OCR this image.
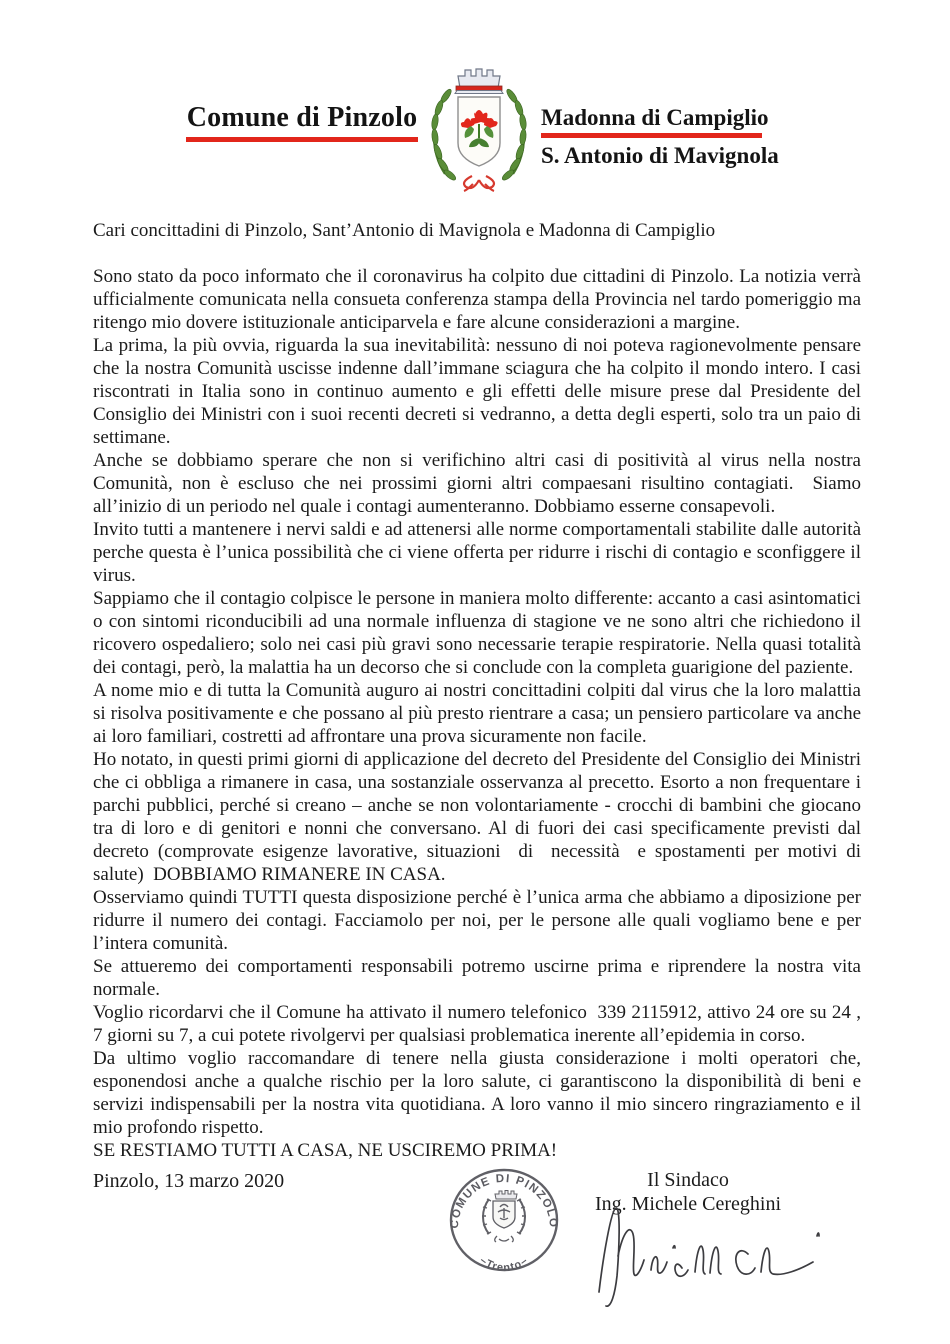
Comune di Pinzolo	Madonna di Campiglio
S. Antonio di Mavignola

Cari concittadini di Pinzolo, Sant’Antonio di Mavignola e Madonna di Campiglio

Sono stato da poco informato che il coronavirus ha colpito due cittadini di Pinzolo. La notizia verrà ufficialmente comunicata nella consueta conferenza stampa della Provincia nel tardo pomeriggio ma ritengo mio dovere istituzionale anticiparvela e fare alcune considerazioni a margine.

La prima, la più ovvia, riguarda la sua inevitabilità: nessuno di noi poteva ragionevolmente pensare che la nostra Comunità uscisse indenne dall’immane sciagura che ha colpito il mondo intero. I casi riscontrati in Italia sono in continuo aumento e gli effetti delle misure prese dal Presidente del Consiglio dei Ministri con i suoi recenti decreti si vedranno, a detta degli esperti, solo tra un paio di settimane.

Anche se dobbiamo sperare che non si verifichino altri casi di positività al virus nella nostra Comunità, non è escluso che nei prossimi giorni altri compaesani risultino contagiati.  Siamo all’inizio di un periodo nel quale i contagi aumenteranno. Dobbiamo esserne consapevoli.

Invito tutti a mantenere i nervi saldi e ad attenersi alle norme comportamentali stabilite dalle autorità perche questa è l’unica possibilità che ci viene offerta per ridurre i rischi di contagio e sconfiggere il virus.

Sappiamo che il contagio colpisce le persone in maniera molto differente: accanto a casi asintomatici o con sintomi riconducibili ad una normale influenza di stagione ve ne sono altri che richiedono il ricovero ospedaliero; solo nei casi più gravi sono necessarie terapie respiratorie. Nella quasi totalità dei contagi, però, la malattia ha un decorso che si conclude con la completa guarigione del paziente.

A nome mio e di tutta la Comunità auguro ai nostri concittadini colpiti dal virus che la loro malattia si risolva positivamente e che possano al più presto rientrare a casa; un pensiero particolare va anche ai loro familiari, costretti ad affrontare una prova sicuramente non facile.

Ho notato, in questi primi giorni di applicazione del decreto del Presidente del Consiglio dei Ministri che ci obbliga a rimanere in casa, una sostanziale osservanza al precetto. Esorto a non frequentare i parchi pubblici, perché si creano – anche se non volontariamente - crocchi di bambini che giocano tra di loro e di genitori e nonni che conversano. Al di fuori dei casi specificamente previsti dal decreto (comprovate esigenze lavorative, situazioni  di  necessità  e spostamenti per motivi di salute)  DOBBIAMO RIMANERE IN CASA.

Osserviamo quindi TUTTI questa disposizione perché è l’unica arma che abbiamo a diposizione per ridurre il numero dei contagi. Facciamolo per noi, per le persone alle quali vogliamo bene e per l’intera comunità.

Se attueremo dei comportamenti responsabili potremo uscirne prima e riprendere la nostra vita normale.

Voglio ricordarvi che il Comune ha attivato il numero telefonico  339 2115912, attivo 24 ore su 24 , 7 giorni su 7, a cui potete rivolgervi per qualsiasi problematica inerente all’epidemia in corso.

Da ultimo voglio raccomandare di tenere nella giusta considerazione i molti operatori che, esponendosi anche a qualche rischio per la loro salute, ci garantiscono la disponibilità di beni e servizi indispensabili per la nostra vita quotidiana. A loro vanno il mio sincero ringraziamento e il mio profondo rispetto.

SE RESTIAMO TUTTI A CASA, NE USCIREMO PRIMA!

Pinzolo, 13 marzo 2020
COMUNE DI PINZOLO
–Trento–
Il Sindaco
Ing. Michele Cereghini
